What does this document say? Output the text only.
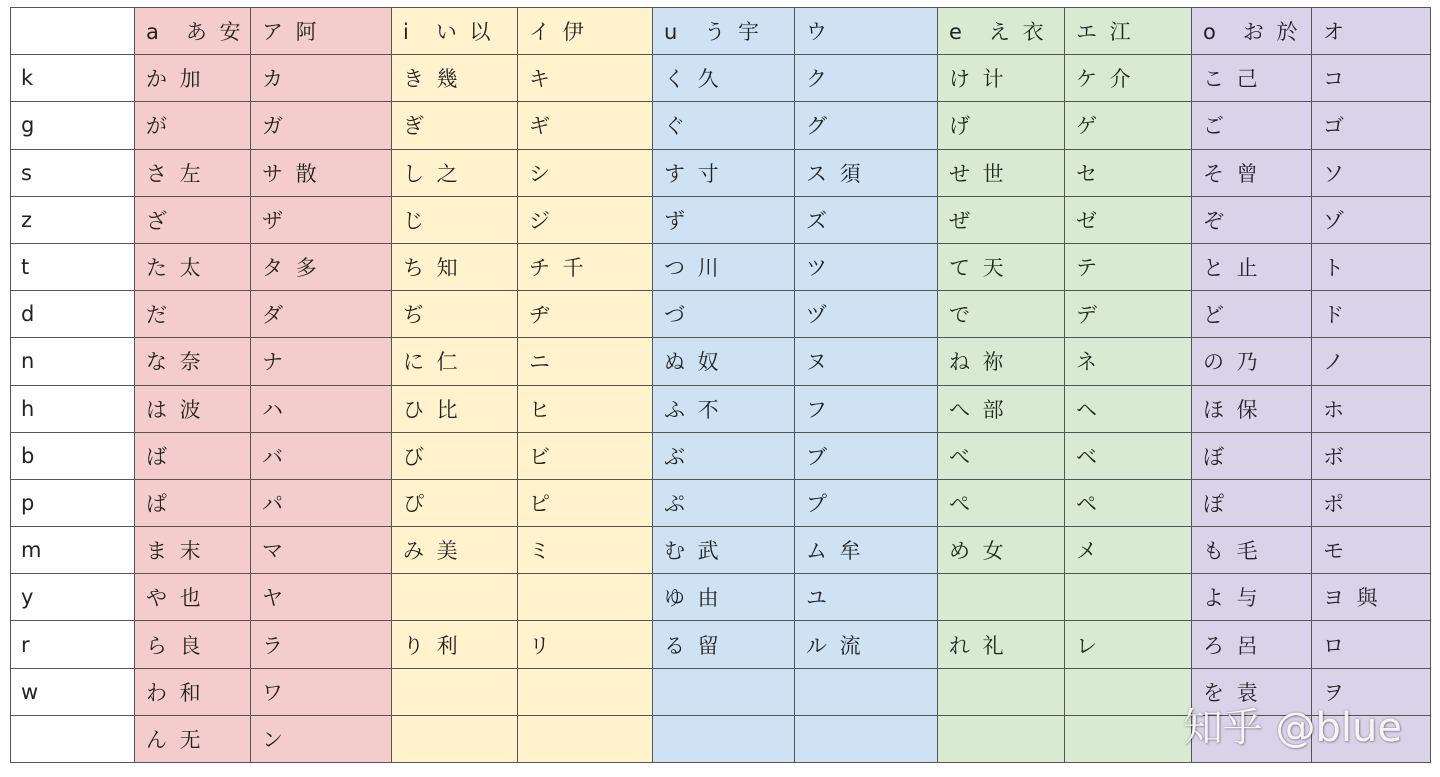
	a　あ 安	ア 阿	i　い 以	イ 伊	u　う 宇	ウ	e　え 衣	エ 江	o　お 於	オ
k	か 加	カ	き 幾	キ	く 久	ク	け 计	ケ 介	こ 己	コ
g	が	ガ	ぎ	ギ	ぐ	グ	げ	ゲ	ご	ゴ
s	さ 左	サ 散	し 之	シ	す 寸	ス 須	せ 世	セ	そ 曾	ソ
z	ざ	ザ	じ	ジ	ず	ズ	ぜ	ゼ	ぞ	ゾ
t	た 太	タ 多	ち 知	チ 千	つ 川	ツ	て 天	テ	と 止	ト
d	だ	ダ	ぢ	ヂ	づ	ヅ	で	デ	ど	ド
n	な 奈	ナ	に 仁	ニ	ぬ 奴	ヌ	ね 祢	ネ	の 乃	ノ
h	は 波	ハ	ひ 比	ヒ	ふ 不	フ	へ 部	ヘ	ほ 保	ホ
b	ば	バ	び	ビ	ぶ	ブ	べ	ベ	ぼ	ボ
p	ぱ	パ	ぴ	ピ	ぷ	プ	ぺ	ペ	ぽ	ポ
m	ま 末	マ	み 美	ミ	む 武	ム 牟	め 女	メ	も 毛	モ
y	や 也	ヤ			ゆ 由	ユ			よ 与	ヨ 與
r	ら 良	ラ	り 利	リ	る 留	ル 流	れ 礼	レ	ろ 呂	ロ
w	わ 和	ワ							を 袁	ヲ
	ん 无	ン									知乎 @blue
